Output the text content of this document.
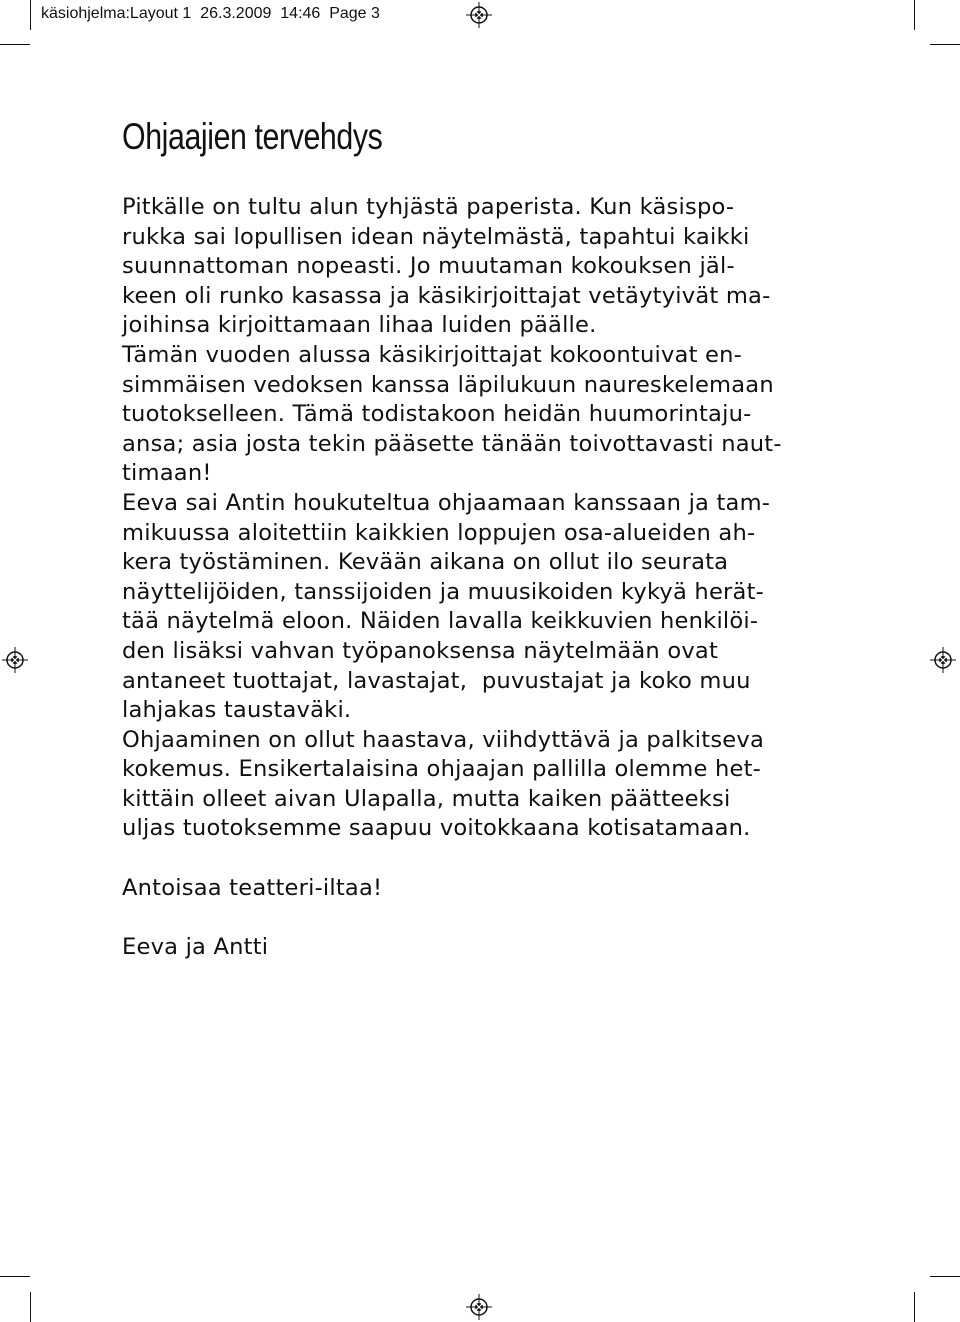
käsiohjelma:Layout 1  26.3.2009  14:46  Page 3
Ohjaajien tervehdys
Pitkälle on tultu alun tyhjästä paperista. Kun käsispo-
rukka sai lopullisen idean näytelmästä, tapahtui kaikki
suunnattoman nopeasti. Jo muutaman kokouksen jäl-
keen oli runko kasassa ja käsikirjoittajat vetäytyivät ma-
joihinsa kirjoittamaan lihaa luiden päälle.
Tämän vuoden alussa käsikirjoittajat kokoontuivat en-
simmäisen vedoksen kanssa läpilukuun naureskelemaan
tuotokselleen. Tämä todistakoon heidän huumorintaju-
ansa; asia josta tekin pääsette tänään toivottavasti naut-
timaan!
Eeva sai Antin houkuteltua ohjaamaan kanssaan ja tam-
mikuussa aloitettiin kaikkien loppujen osa-alueiden ah-
kera työstäminen. Kevään aikana on ollut ilo seurata
näyttelijöiden, tanssijoiden ja muusikoiden kykyä herät-
tää näytelmä eloon. Näiden lavalla keikkuvien henkilöi-
den lisäksi vahvan työpanoksensa näytelmään ovat
antaneet tuottajat, lavastajat,  puvustajat ja koko muu
lahjakas taustaväki.
Ohjaaminen on ollut haastava, viihdyttävä ja palkitseva
kokemus. Ensikertalaisina ohjaajan pallilla olemme het-
kittäin olleet aivan Ulapalla, mutta kaiken päätteeksi
uljas tuotoksemme saapuu voitokkaana kotisatamaan.
Antoisaa teatteri-iltaa!
Eeva ja Antti
